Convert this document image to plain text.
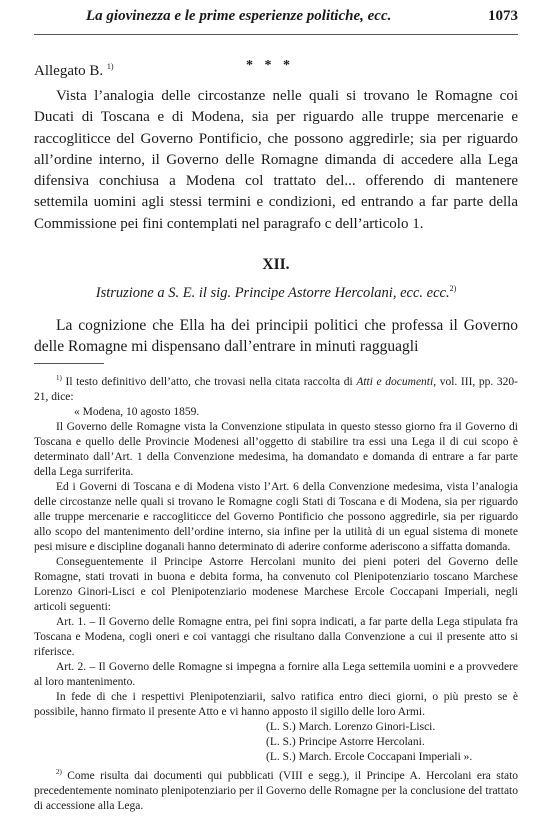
La giovinezza e le prime esperienze politiche, ecc.	1073
Allegato B. $^{1)}$	* * *

Vista l’analogia delle circostanze nelle quali si trovano le Romagne coi Ducati di Toscana e di Modena, sia per riguardo alle truppe mercenarie e raccogliticce del Governo Pontificio, che possono aggredirle; sia per riguardo all’ordine interno, il Governo delle Romagne dimanda di accedere alla Lega difensiva conchiusa a Modena col trattato del... offerendo di mantenere settemila uomini agli stessi termini e condizioni, ed entrando a far parte della Commissione pei fini contemplati nel paragrafo c dell’articolo 1.

XII.
Istruzione a S. E. il sig. Principe Astorre Hercolani, ecc. ecc.$^{2)}$

La cognizione che Ella ha dei principii politici che professa il Governo delle Romagne mi dispensano dall’entrare in minuti ragguagli

$^{1)}$ Il testo definitivo dell’atto, che trovasi nella citata raccolta di Atti e documenti, vol. III, pp. 320-21, dice:

« Modena, 10 agosto 1859.

Il Governo delle Romagne vista la Convenzione stipulata in questo stesso giorno fra il Governo di Toscana e quello delle Provincie Modenesi all’oggetto di stabilire tra essi una Lega il di cui scopo è determinato dall’Art. 1 della Convenzione medesima, ha domandato e domanda di entrare a far parte della Lega surriferita.

Ed i Governi di Toscana e di Modena visto l’Art. 6 della Convenzione medesima, vista l’analogia delle circostanze nelle quali si trovano le Romagne cogli Stati di Toscana e di Modena, sia per riguardo alle truppe mercenarie e raccogliticce del Governo Pontificio che possono aggredirle, sia per riguardo allo scopo del mantenimento dell’ordine interno, sia infine per la utilità di un egual sistema di monete pesi misure e discipline doganali hanno determinato di aderire conforme aderiscono a siffatta domanda.

Conseguentemente il Principe Astorre Hercolani munito dei pieni poteri del Governo delle Romagne, stati trovati in buona e debita forma, ha convenuto col Plenipotenziario toscano Marchese Lorenzo Ginori-Lisci e col Plenipotenziario modenese Marchese Ercole Coccapani Imperiali, negli articoli seguenti:

Art. 1. – Il Governo delle Romagne entra, pei fini sopra indicati, a far parte della Lega stipulata fra Toscana e Modena, cogli oneri e coi vantaggi che risultano dalla Convenzione a cui il presente atto si riferisce.

Art. 2. – Il Governo delle Romagne si impegna a fornire alla Lega settemila uomini e a provvedere al loro mantenimento.

In fede di che i respettivi Plenipotenziarii, salvo ratifica entro dieci giorni, o più presto se è possibile, hanno firmato il presente Atto e vi hanno apposto il sigillo delle loro Armi.

(L. S.) March. Lorenzo Ginori-Lisci.

(L. S.) Principe Astorre Hercolani.

(L. S.) March. Ercole Coccapani Imperiali ».

$^{2)}$ Come risulta dai documenti qui pubblicati (VIII e segg.), il Principe A. Hercolani era stato precedentemente nominato plenipotenziario per il Governo delle Romagne per la conclusione del trattato di accessione alla Lega.
